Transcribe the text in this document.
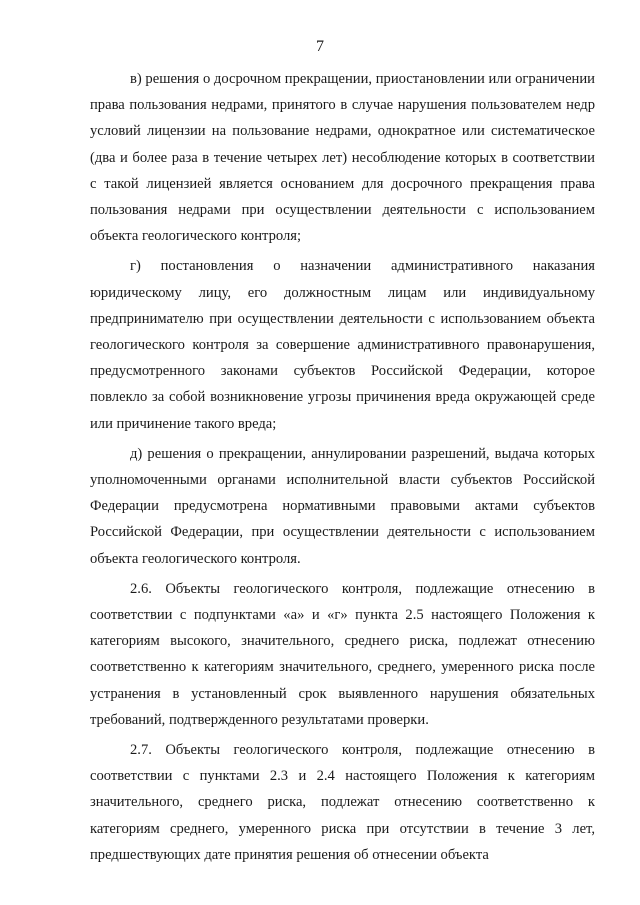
7

в) решения о досрочном прекращении, приостановлении или ограничении права пользования недрами, принятого в случае нарушения пользователем недр условий лицензии на пользование недрами, однократное или систематическое (два и более раза в течение четырех лет) несоблюдение которых в соответствии с такой лицензией является основанием для досрочного прекращения права пользования недрами при осуществлении деятельности с использованием объекта геологического контроля;

г) постановления о назначении административного наказания юридическому лицу, его должностным лицам или индивидуальному предпринимателю при осуществлении деятельности с использованием объекта геологического контроля за совершение административного правонарушения, предусмотренного законами субъектов Российской Федерации, которое повлекло за собой возникновение угрозы причинения вреда окружающей среде или причинение такого вреда;

д) решения о прекращении, аннулировании разрешений, выдача которых уполномоченными органами исполнительной власти субъектов Российской Федерации предусмотрена нормативными правовыми актами субъектов Российской Федерации, при осуществлении деятельности с использованием объекта геологического контроля.

2.6. Объекты геологического контроля, подлежащие отнесению в соответствии с подпунктами «а» и «г» пункта 2.5 настоящего Положения к категориям высокого, значительного, среднего риска, подлежат отнесению соответственно к категориям значительного, среднего, умеренного риска после устранения в установленный срок выявленного нарушения обязательных требований, подтвержденного результатами проверки.

2.7. Объекты геологического контроля, подлежащие отнесению в соответствии с пунктами 2.3 и 2.4 настоящего Положения к категориям значительного, среднего риска, подлежат отнесению соответственно к категориям среднего, умеренного риска при отсутствии в течение 3 лет, предшествующих дате принятия решения об отнесении объекта
